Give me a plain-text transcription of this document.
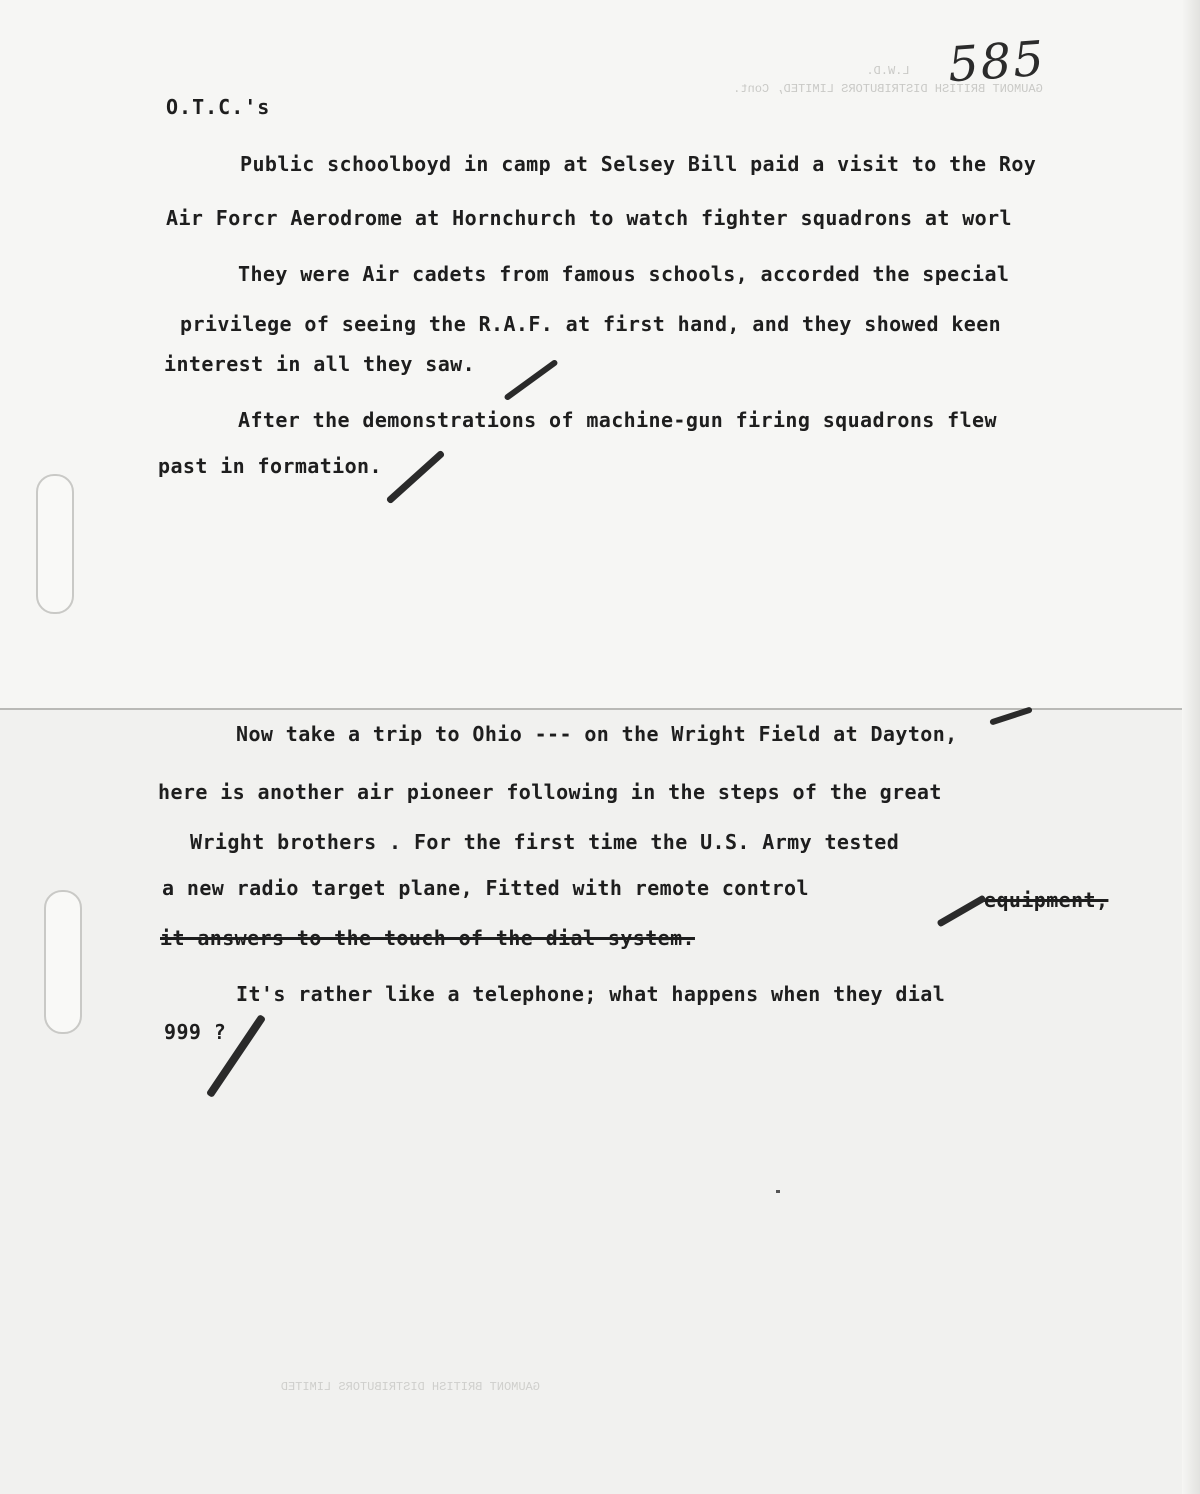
L.W.D.
GAUMONT BRITISH DISTRIBUTORS LIMITED, Cont.
GAUMONT BRITISH DISTRIBUTORS LIMITED
585
O.T.C.'s
Public schoolboyd in camp at Selsey Bill paid a visit to the Roy
Air Forcr Aerodrome at Hornchurch to watch fighter squadrons at worl
They were Air cadets from famous schools, accorded the special
privilege of seeing the R.A.F. at first hand, and they showed keen
interest in all they saw.
After the demonstrations of machine-gun firing squadrons flew
past in formation.
Now take a trip to Ohio --- on the Wright Field at Dayton,
here is another air pioneer following in the steps of the great
Wright brothers . For the first time the U.S. Army tested
a new radio target plane, Fitted with remote control	equipment,
it answers to the touch of the dial system.
It's rather like a telephone; what happens when they dial
999 ?
